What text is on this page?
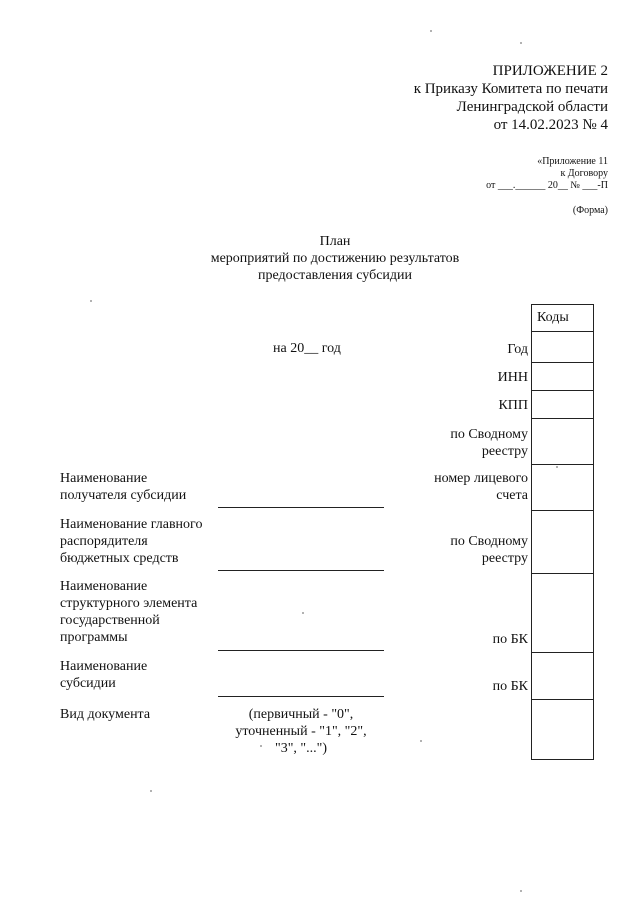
ПРИЛОЖЕНИЕ 2
к Приказу Комитета по печати
Ленинградской области
от 14.02.2023 № 4
«Приложение 11
к Договору
от ___.______ 20__ № ___-П
(Форма)
План
мероприятий по достижению результатов
предоставления субсидии
на 20__ год
Коды
Год
ИНН
КПП
по Сводному
реестру
номер лицевого
счета
по Сводному
реестру
по БК
по БК
Наименование
получателя субсидии
Наименование главного
распорядителя
бюджетных средств
Наименование
структурного элемента
государственной
программы
Наименование
субсидии
Вид документа	(первичный - "0",
уточненный - "1", "2",
"3", "...")
